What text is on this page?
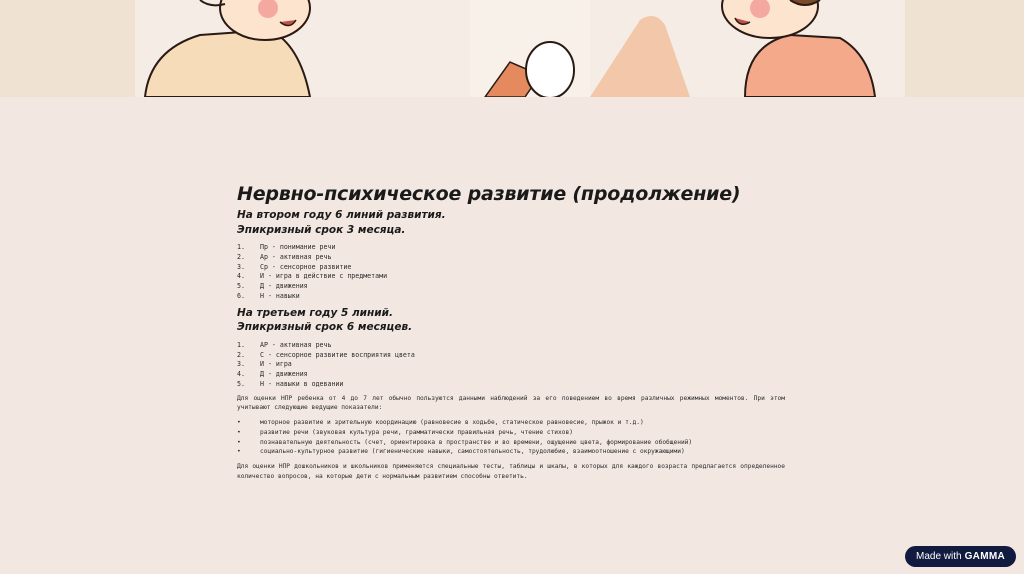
Нервно-психическое развитие (продолжение)

На втором году 6 линий развития.

Эпикризный срок 3 месяца.

1.	Пр - понимание речи
2.	Ар - активная речь
3.	Ср - сенсорное развитие
4.	И - игра в действие с предметами
5.	Д - движения
6.	Н - навыки

На третьем году 5 линий.

Эпикризный срок 6 месяцев.

1.	АР - активная речь
2.	С - сенсорное развитие восприятия цвета
3.	И - игра
4.	Д - движения
5.	Н - навыки в одевании

Для оценки НПР ребенка от 4 до 7 лет обычно пользуются данными наблюдений за его поведением во время различных режимных моментов. При этом учитывают следующие ведущие показатели:

•	моторное развитие и зрительную координацию (равновесие в ходьбе, статическое равновесие, прыжок и т.д.)
•	развитие речи (звуковая культура речи, грамматически правильная речь, чтение стихов)
•	познавательную деятельность (счет, ориентировка в пространстве и во времени, ощущение цвета, формирование обобщений)
•	социально-культурное развитие (гигиенические навыки, самостоятельность, трудолюбие, взаимоотношение с окружающими)

Для оценки НПР дошкольников и школьников применяются специальные тесты, таблицы и шкалы, в которых для каждого возраста предлагается определенное количество вопросов, на которые дети с нормальным развитием способны ответить.

Made with GAMMA
